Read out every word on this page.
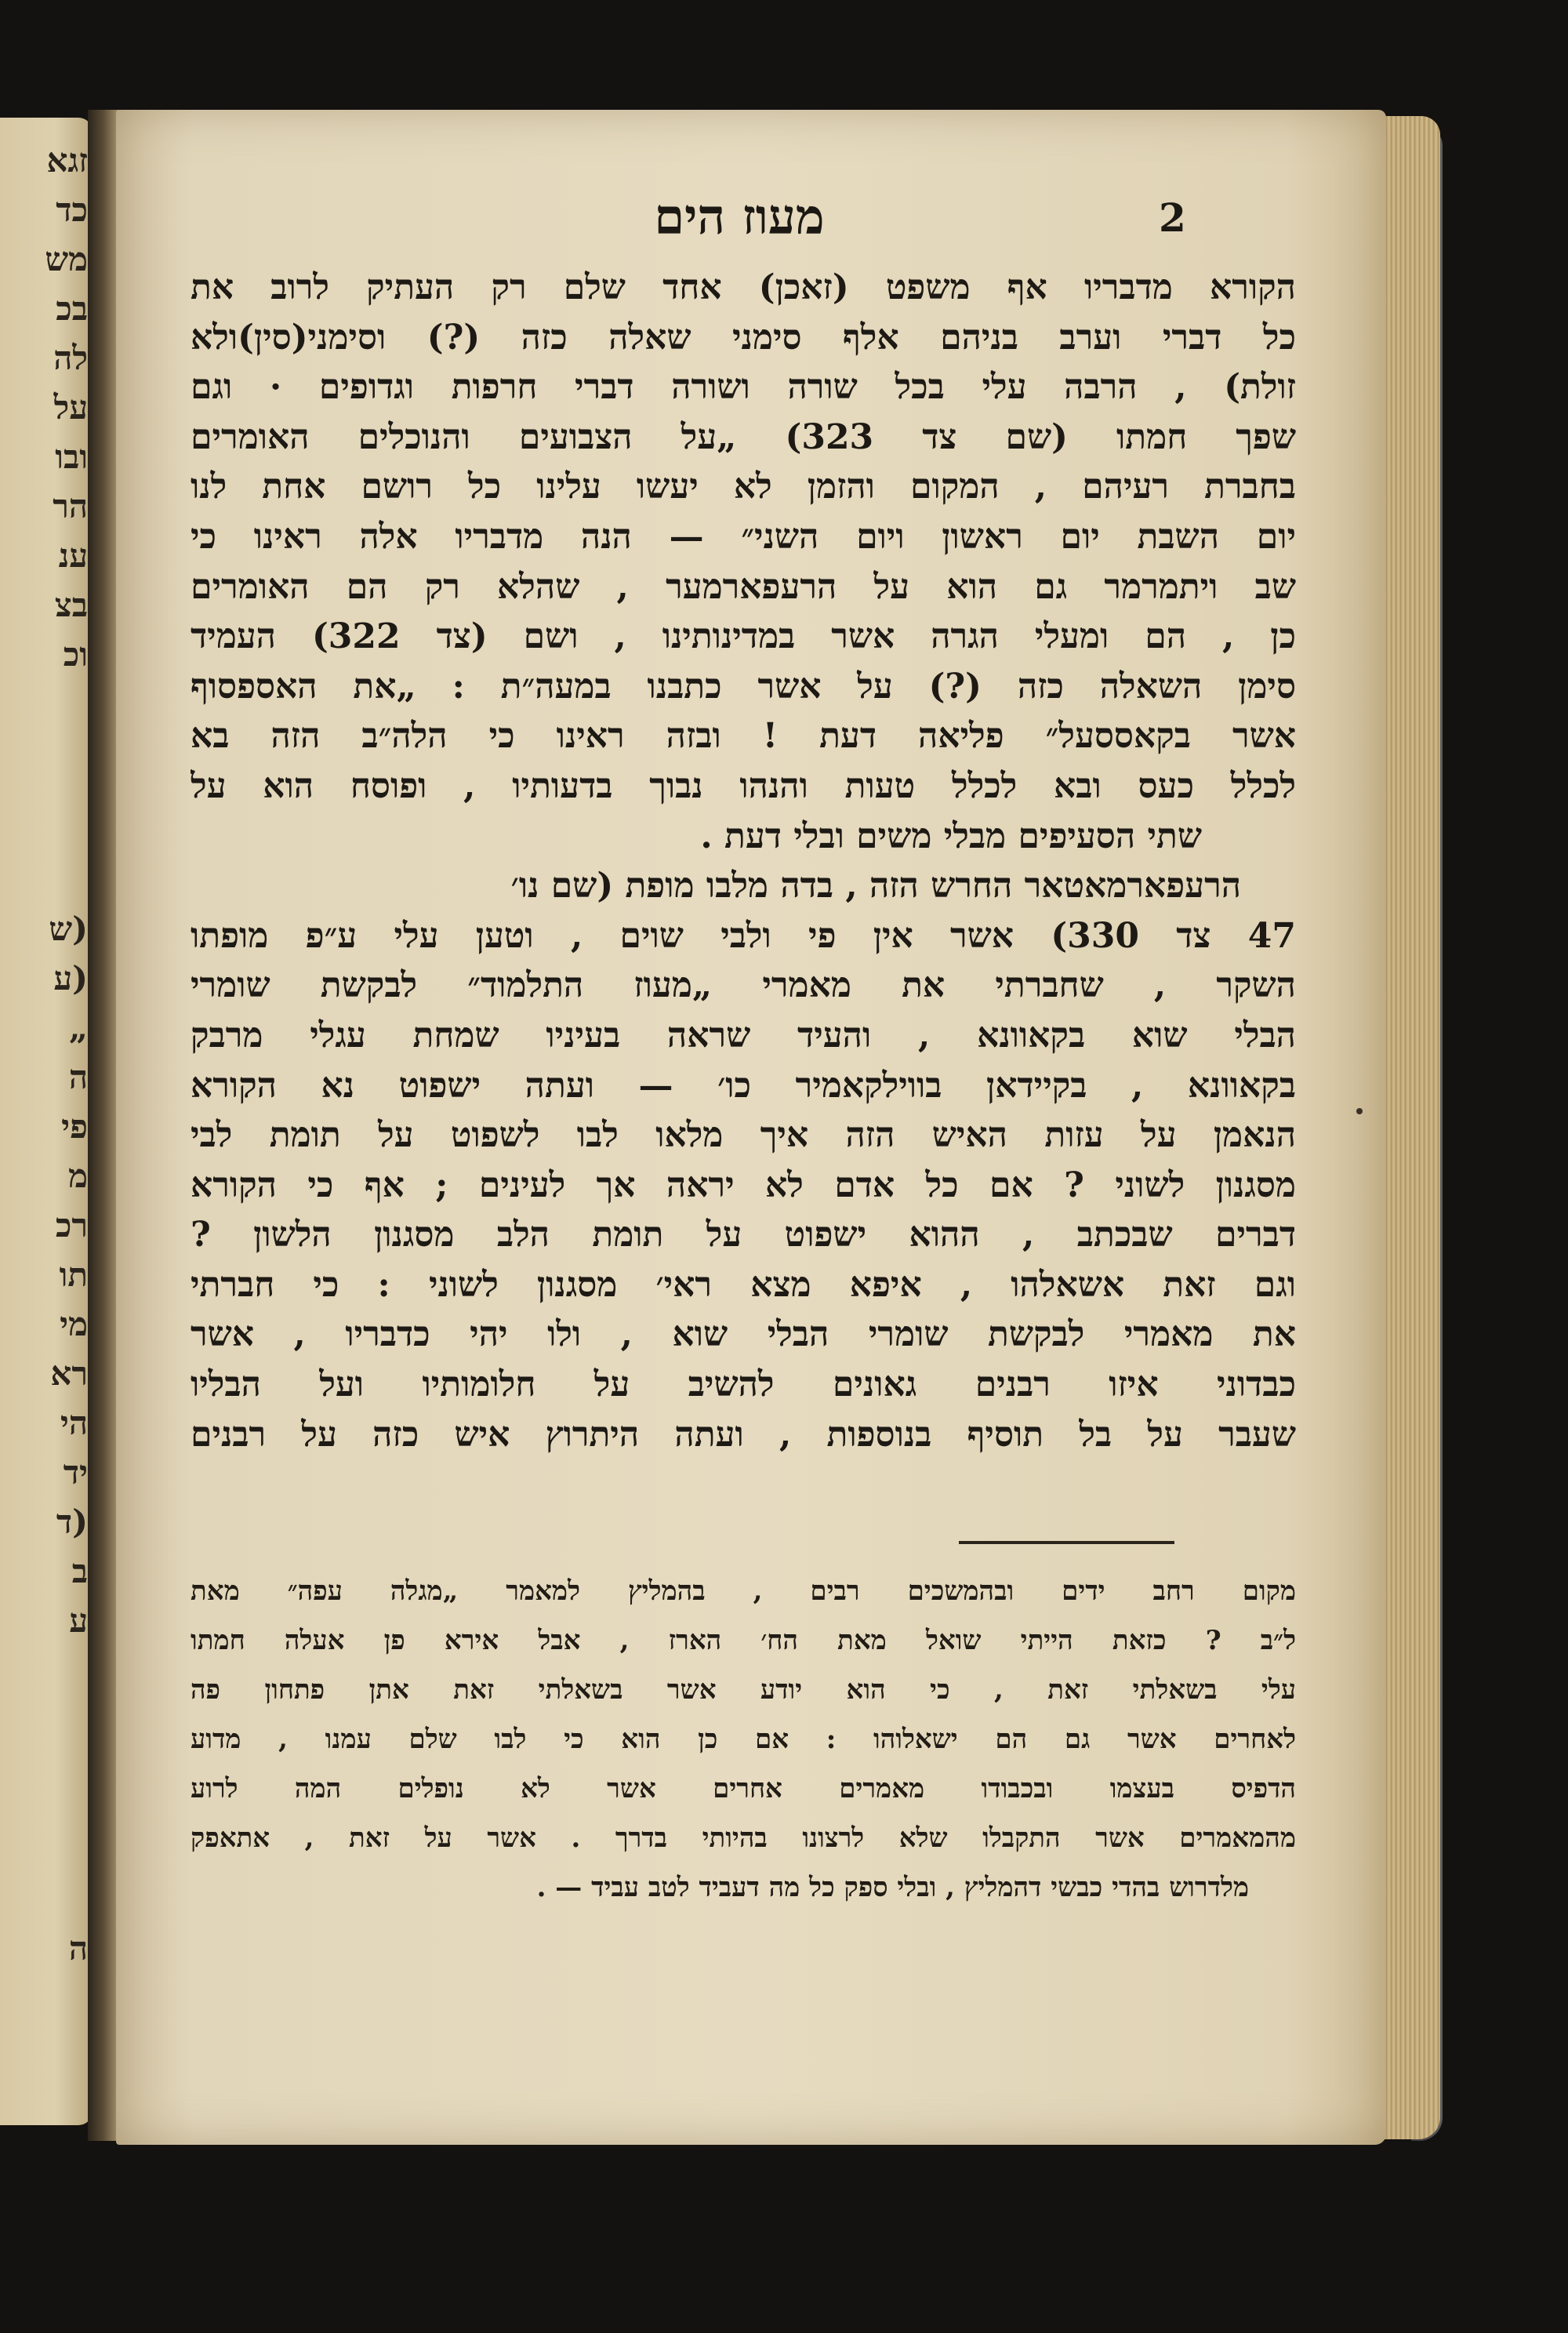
זגא
כד
מש
בכ
לה
על
ובו
הר
ענ
בצ
וכ
(ש
(ע
„
ה
פי
מ
רכ
תו
מי
רא
הי
יד
(ד
ב
ע
ה
מעוז הים	2
הקורא מדבריו אף משפט (זאכן) אחד שלם רק העתיק לרוב את
כל דברי וערב בניהם אלף סימני שאלה כזה (?) וסימני(סין)ולא
זולת) , הרבה עלי בכל שורה ושורה דברי חרפות וגדופים · וגם
שפך חמתו (שם צד 323) „על הצבועים והנוכלים האומרים
בחברת רעיהם , המקום והזמן לא יעשו עלינו כל רושם אחת לנו
יום השבת יום ראשון ויום השני״ — הנה מדבריו אלה ראינו כי
שב ויתמרמר גם הוא על הרעפארמער , שהלא רק הם האומרים
כן , הם ומעלי הגרה אשר במדינותינו , ושם (צד 322) העמיד
סימן השאלה כזה (?) על אשר כתבנו במעה״ת : „את האספסוף
אשר בקאססעל״ פליאה דעת ! ובזה ראינו כי הלה״ב הזה בא
לכלל כעס ובא לכלל טעות והנהו נבוך בדעותיו , ופוסח הוא על
שתי הסעיפים מבלי משים ובלי דעת .
הרעפארמאטאר החרש הזה , בדה מלבו מופת (שם נו׳
47 צד 330) אשר אין פי ולבי שוים , וטען עלי ע״פ מופתו
השקר , שחברתי את מאמרי „מעוז התלמוד״ לבקשת שומרי
הבלי שוא בקאוונא , והעיד שראה בעיניו שמחת עגלי מרבק
בקאוונא , בקיידאן בווילקאמיר כו׳ — ועתה ישפוט נא הקורא
הנאמן על עזות האיש הזה איך מלאו לבו לשפוט על תומת לבי
מסגנון לשוני ? אם כל אדם לא יראה אך לעינים ; אף כי הקורא
דברים שבכתב , ההוא ישפוט על תומת הלב מסגנון הלשון ?
וגם זאת אשאלהו , איפא מצא ראי׳ מסגנון לשוני : כי חברתי
את מאמרי לבקשת שומרי הבלי שוא , ולו יהי כדבריו , אשר
כבדוני איזו רבנים גאונים להשיב על חלומותיו ועל הבליו
שעבר על בל תוסיף בנוספות , ועתה היתרוץ איש כזה על רבנים
מקום רחב ידים ובהמשכים רבים , בהמליץ למאמר „מגלה עפה״ מאת
ל״ב ? כזאת הייתי שואל מאת הח׳ הארז , אבל אירא פן אעלה חמתו
עלי בשאלתי זאת , כי הוא יודע אשר בשאלתי זאת אתן פתחון פה
לאחרים אשר גם הם ישאלוהו : אם כן הוא כי לבו שלם עמנו , מדוע
הדפיס בעצמו ובכבודו מאמרים אחרים אשר לא נופלים המה לרוע
מהמאמרים אשר התקבלו שלא לרצונו בהיותי בדרך . אשר על זאת , אתאפק
מלדרוש בהדי כבשי דהמליץ , ובלי ספק כל מה דעביד לטב עביד — .
